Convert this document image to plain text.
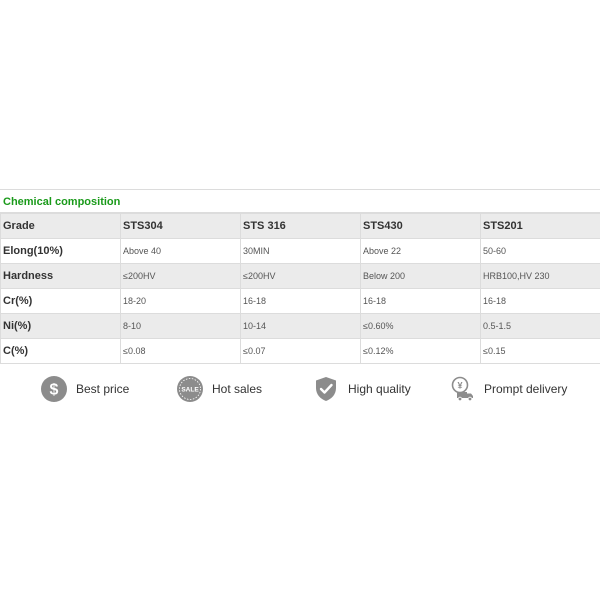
Chemical composition
Grade	STS304	STS 316	STS430	STS201
Elong(10%)	Above 40	30MIN	Above 22	50-60
Hardness	≤200HV	≤200HV	Below 200	HRB100,HV 230
Cr(%)	18-20	16-18	16-18	16-18
Ni(%)	8-10	10-14	≤0.60%	0.5-1.5
C(%)	≤0.08	≤0.07	≤0.12%	≤0.15
$ Best price	SALE Hot sales	High quality	¥ Prompt delivery
